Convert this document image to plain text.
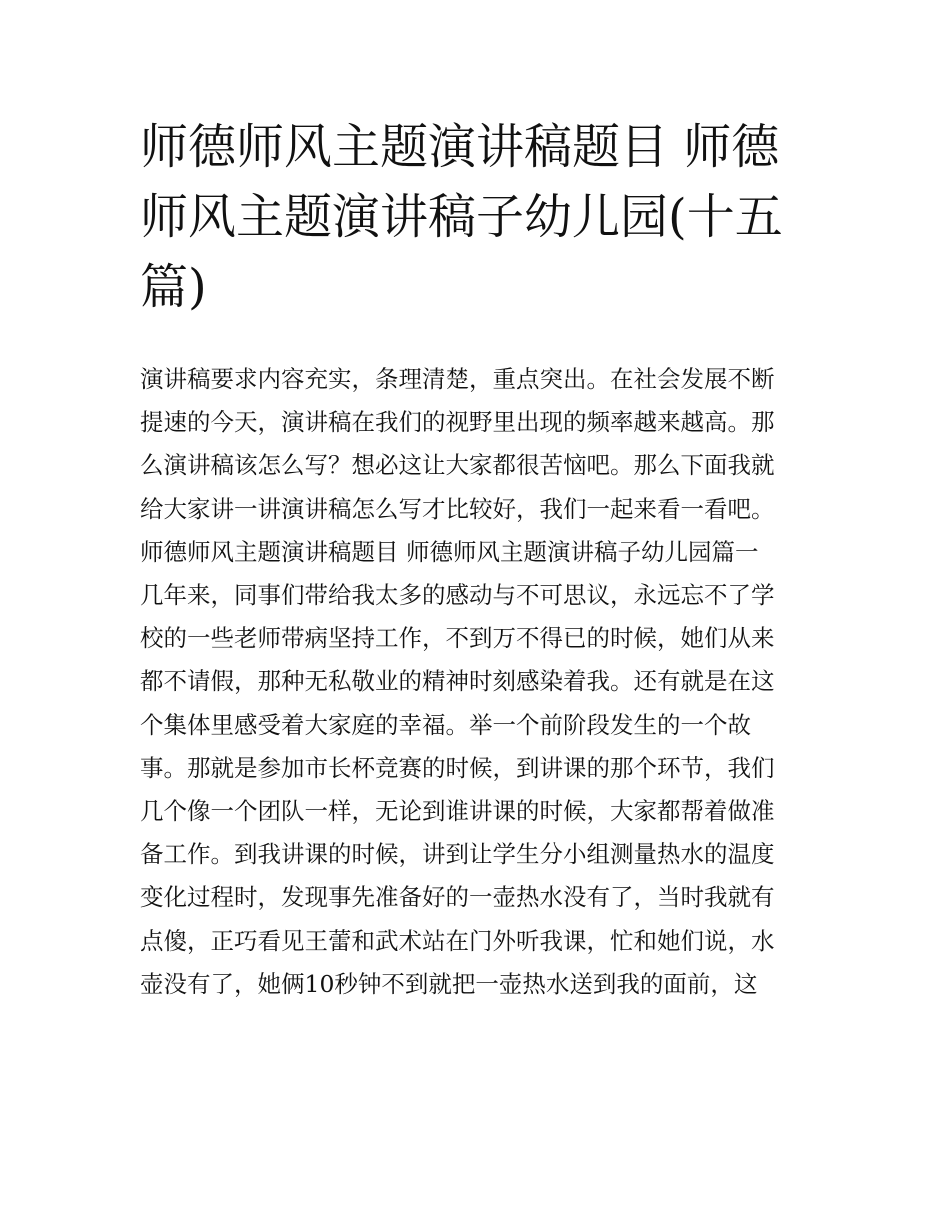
师德师风主题演讲稿题目 师德
师风主题演讲稿子幼儿园(十五
篇)
演讲稿要求内容充实，条理清楚，重点突出。在社会发展不断
提速的今天，演讲稿在我们的视野里出现的频率越来越高。那
么演讲稿该怎么写？想必这让大家都很苦恼吧。那么下面我就
给大家讲一讲演讲稿怎么写才比较好，我们一起来看一看吧。
师德师风主题演讲稿题目 师德师风主题演讲稿子幼儿园篇一
几年来，同事们带给我太多的感动与不可思议，永远忘不了学
校的一些老师带病坚持工作，不到万不得已的时候，她们从来
都不请假，那种无私敬业的精神时刻感染着我。还有就是在这
个集体里感受着大家庭的幸福。举一个前阶段发生的一个故
事。那就是参加市长杯竞赛的时候，到讲课的那个环节，我们
几个像一个团队一样，无论到谁讲课的时候，大家都帮着做准
备工作。到我讲课的时候，讲到让学生分小组测量热水的温度
变化过程时，发现事先准备好的一壶热水没有了，当时我就有
点傻，正巧看见王蕾和武术站在门外听我课，忙和她们说，水
壶没有了，她俩10秒钟不到就把一壶热水送到我的面前，这
